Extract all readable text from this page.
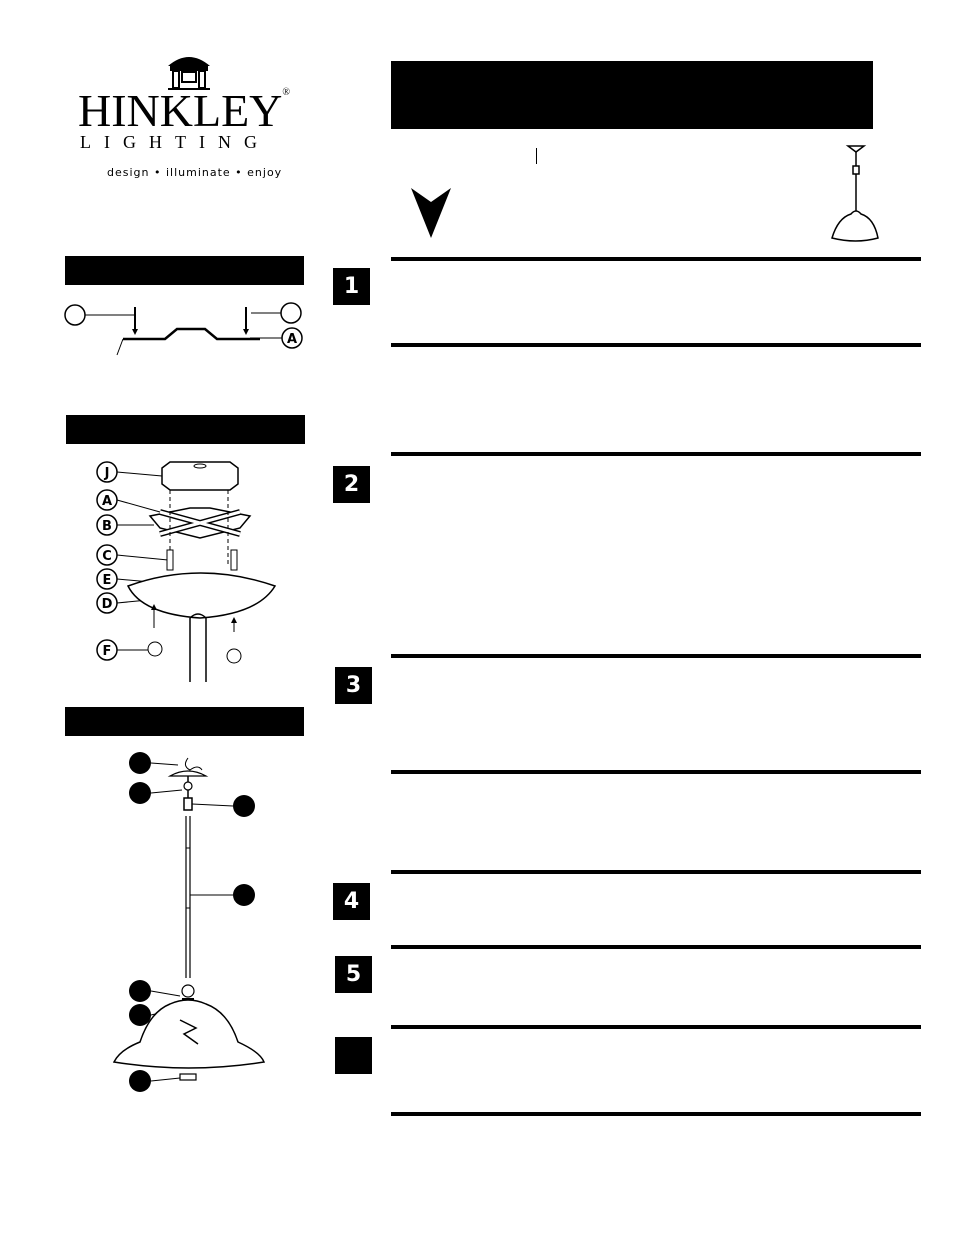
HINKLEY®
LIGHTING
design • illuminate • enjoy
A
J
A
B
C
E
D
F
1
2
3
4
5
